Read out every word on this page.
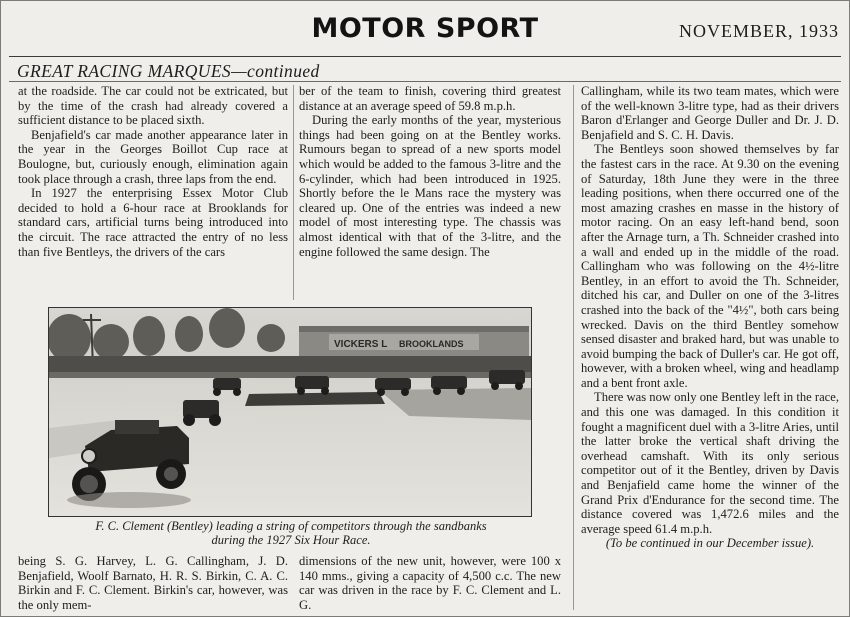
MOTOR SPORT	NOVEMBER, 1933
GREAT RACING MARQUES—continued

at the roadside. The car could not be extricated, but by the time of the crash had already covered a sufficient distance to be placed sixth.

Benjafield's car made another appearance later in the year in the Georges Boillot Cup race at Boulogne, but, curiously enough, elimination again took place through a crash, three laps from the end.

In 1927 the enterprising Essex Motor Club decided to hold a 6-hour race at Brooklands for standard cars, artificial turns being introduced into the circuit. The race attracted the entry of no less than five Bentleys, the drivers of the cars

ber of the team to finish, covering third greatest distance at an average speed of 59.8 m.p.h.

During the early months of the year, mysterious things had been going on at the Bentley works. Rumours began to spread of a new sports model which would be added to the famous 3-litre and the 6-cylinder, which had been introduced in 1925. Shortly before the le Mans race the mystery was cleared up. One of the entries was indeed a new model of most interesting type. The chassis was almost identical with that of the 3-litre, and the engine followed the same design. The

Callingham, while its two team mates, which were of the well-known 3-litre type, had as their drivers Baron d'Erlanger and George Duller and Dr. J. D. Benjafield and S. C. H. Davis.

The Bentleys soon showed themselves by far the fastest cars in the race. At 9.30 on the evening of Saturday, 18th June they were in the three leading positions, when there occurred one of the most amazing crashes en masse in the history of motor racing. On an easy left-hand bend, soon after the Arnage turn, a Th. Schneider crashed into a wall and ended up in the middle of the road. Callingham who was following on the 4½-litre Bentley, in an effort to avoid the Th. Schneider, ditched his car, and Duller on one of the 3-litres crashed into the back of the "4½", both cars being wrecked. Davis on the third Bentley somehow sensed disaster and braked hard, but was unable to avoid bumping the back of Duller's car. He got off, however, with a broken wheel, wing and headlamp and a bent front axle.

There was now only one Bentley left in the race, and this one was damaged. In this condition it fought a magnificent duel with a 3-litre Aries, until the latter broke the vertical shaft driving the overhead camshaft. With its only serious competitor out of it the Bentley, driven by Davis and Benjafield came home the winner of the Grand Prix d'Endurance for the second time. The distance covered was 1,472.6 miles and the average speed 61.4 m.p.h.

(To be continued in our December issue).

VICKERS L BROOKLANDS
F. C. Clement (Bentley) leading a string of competitors through the sandbanks
during the 1927 Six Hour Race.

being S. G. Harvey, L. G. Callingham, J. D. Benjafield, Woolf Barnato, H. R. S. Birkin, C. A. C. Birkin and F. C. Clement. Birkin's car, however, was the only mem-

dimensions of the new unit, however, were 100 x 140 mms., giving a capacity of 4,500 c.c. The new car was driven in the race by F. C. Clement and L. G.
